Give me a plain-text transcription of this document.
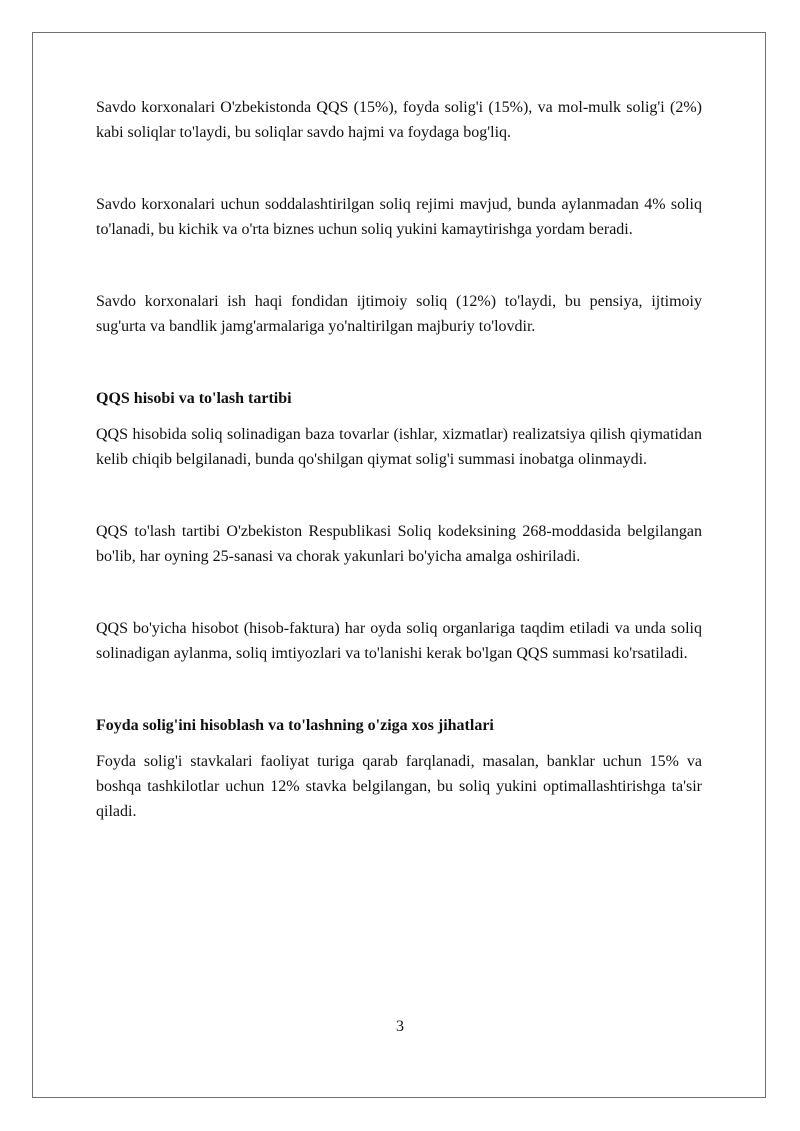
Savdo korxonalari O'zbekistonda QQS (15%), foyda solig'i (15%), va mol-mulk solig'i (2%) kabi soliqlar to'laydi, bu soliqlar savdo hajmi va foydaga bog'liq.

Savdo korxonalari uchun soddalashtirilgan soliq rejimi mavjud, bunda aylanmadan 4% soliq to'lanadi, bu kichik va o'rta biznes uchun soliq yukini kamaytirishga yordam beradi.

Savdo korxonalari ish haqi fondidan ijtimoiy soliq (12%) to'laydi, bu pensiya, ijtimoiy sug'urta va bandlik jamg'armalariga yo'naltirilgan majburiy to'lovdir.

QQS hisobi va to'lash tartibi

QQS hisobida soliq solinadigan baza tovarlar (ishlar, xizmatlar) realizatsiya qilish qiymatidan kelib chiqib belgilanadi, bunda qo'shilgan qiymat solig'i summasi inobatga olinmaydi.

QQS to'lash tartibi O'zbekiston Respublikasi Soliq kodeksining 268-moddasida belgilangan bo'lib, har oyning 25-sanasi va chorak yakunlari bo'yicha amalga oshiriladi.

QQS bo'yicha hisobot (hisob-faktura) har oyda soliq organlariga taqdim etiladi va unda soliq solinadigan aylanma, soliq imtiyozlari va to'lanishi kerak bo'lgan QQS summasi ko'rsatiladi.

Foyda solig'ini hisoblash va to'lashning o'ziga xos jihatlari

Foyda solig'i stavkalari faoliyat turiga qarab farqlanadi, masalan, banklar uchun 15% va boshqa tashkilotlar uchun 12% stavka belgilangan, bu soliq yukini optimallashtirishga ta'sir qiladi.

3
